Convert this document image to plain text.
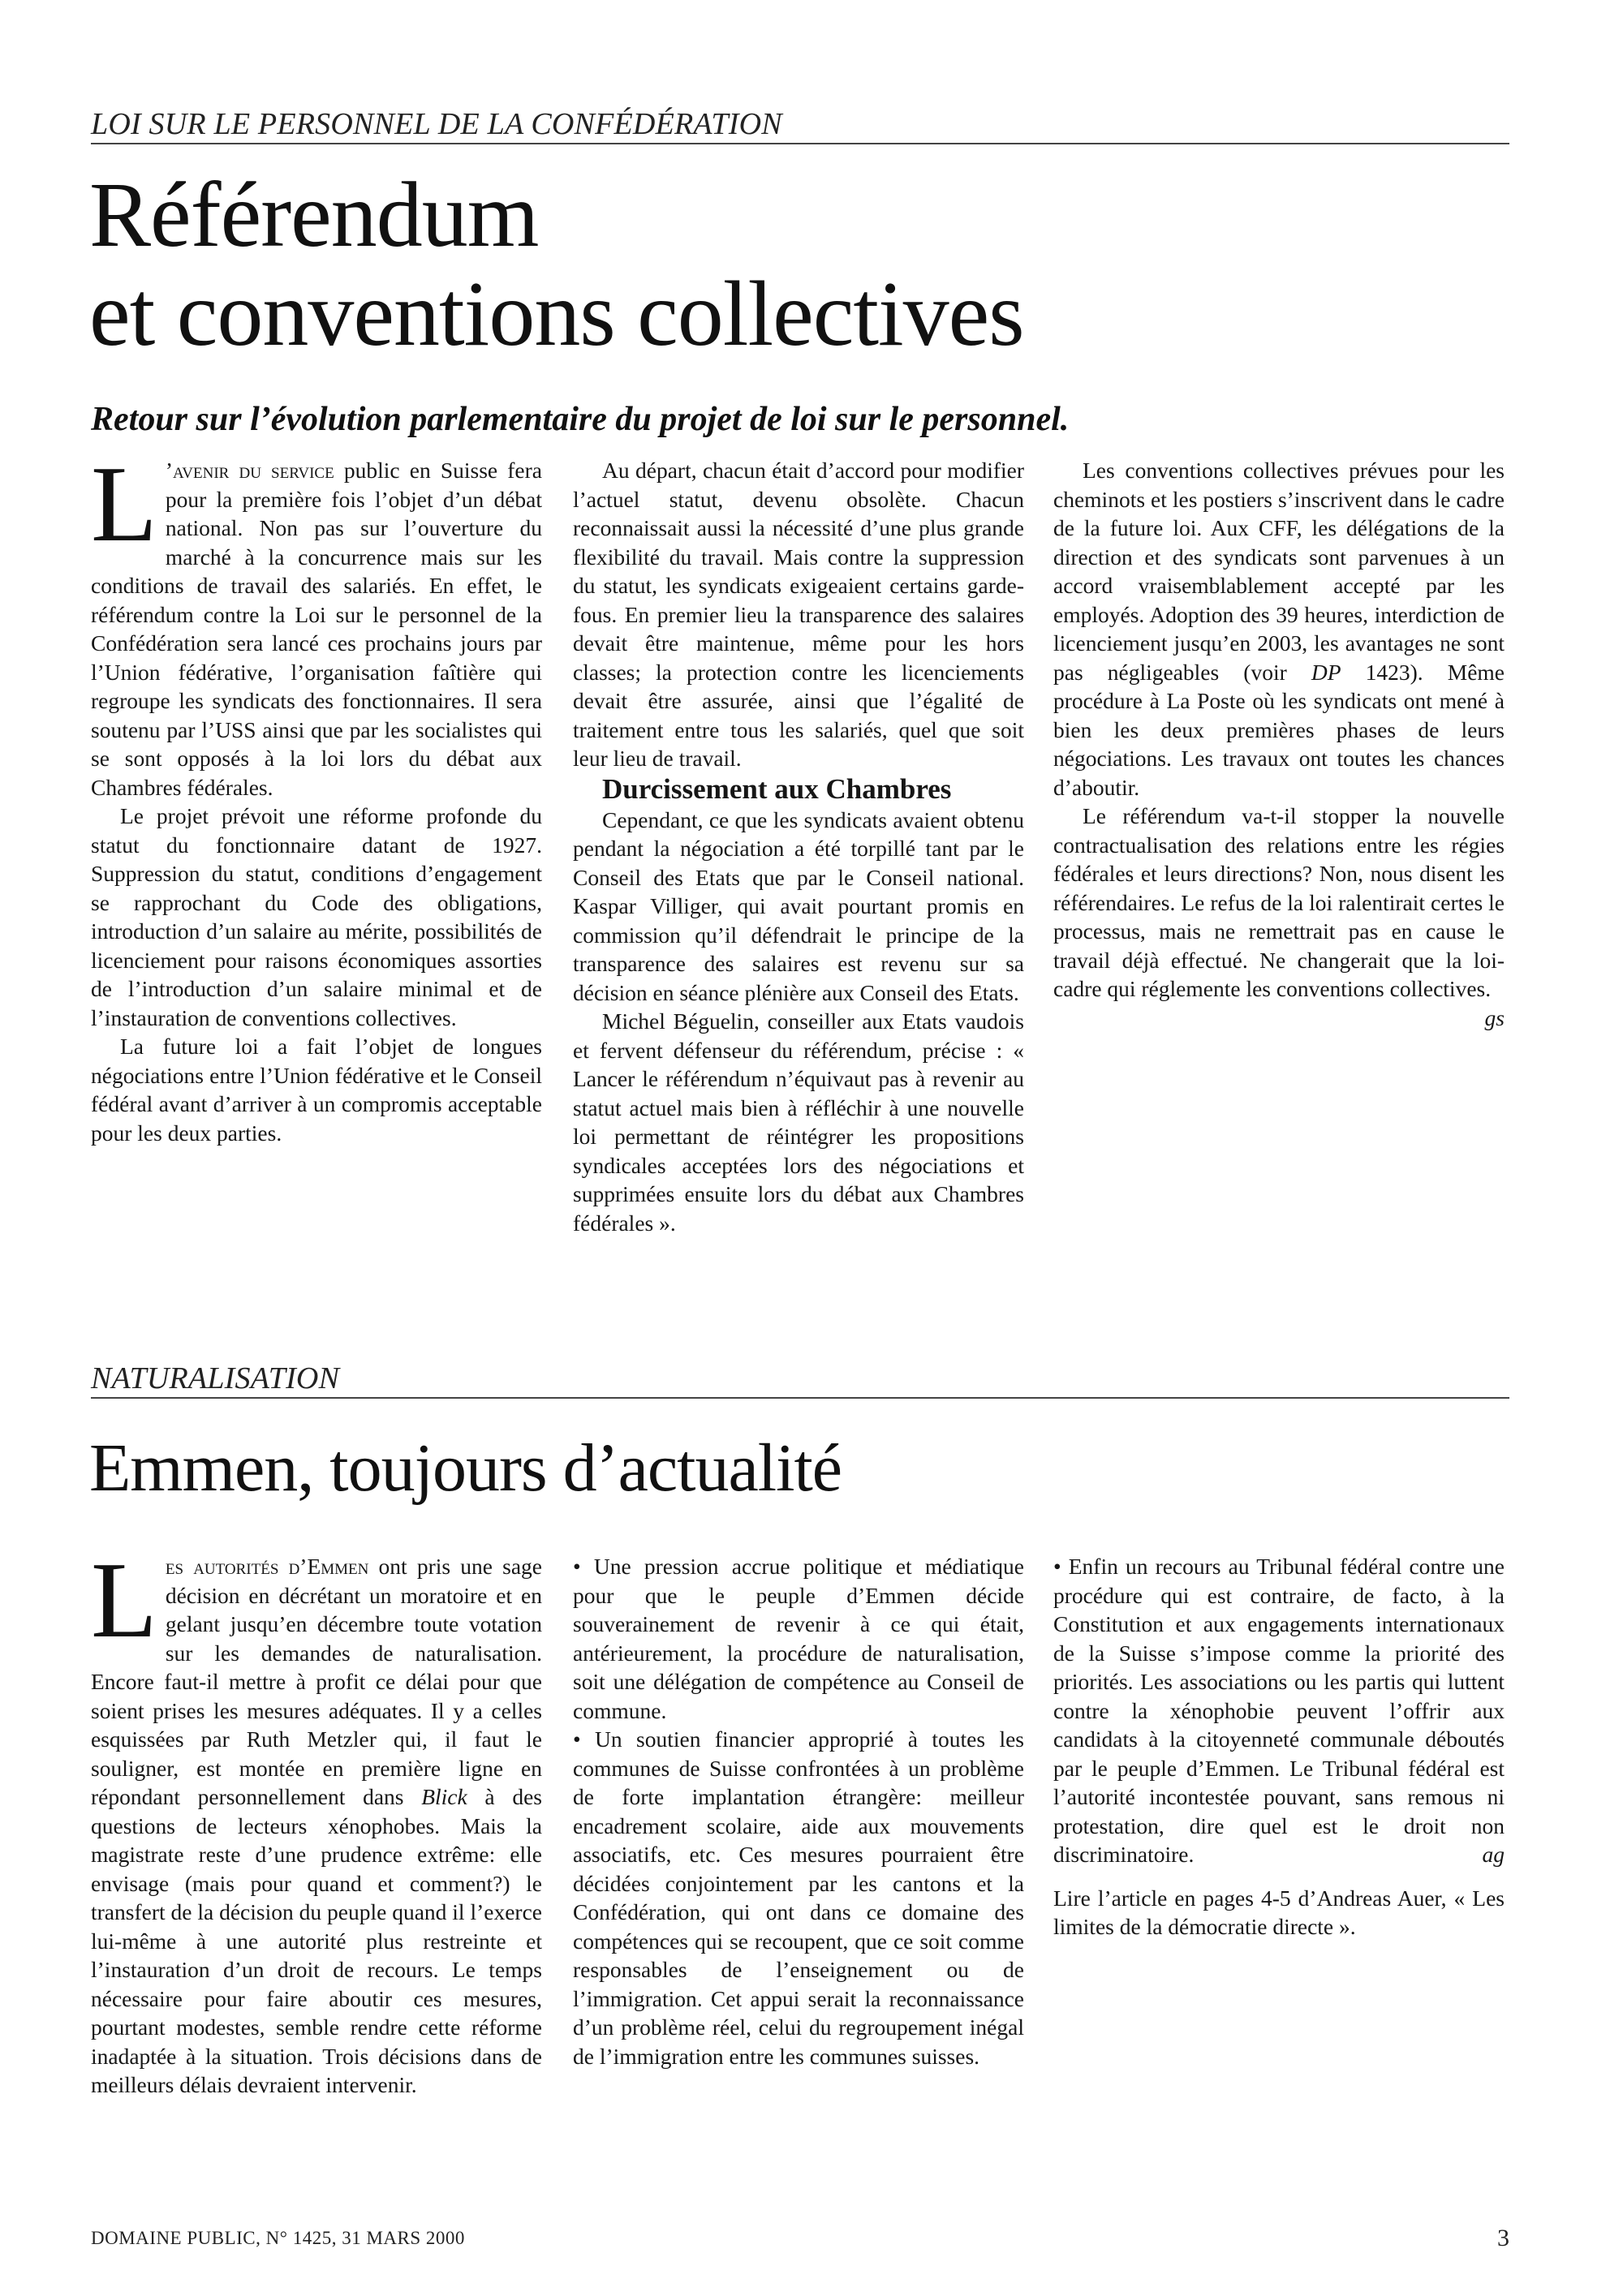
LOI SUR LE PERSONNEL DE LA CONFÉDÉRATION
Référendum
et conventions collectives
Retour sur l’évolution parlementaire du projet de loi sur le personnel.

L ’avenir du service public en Suisse fera pour la première fois l’objet d’un débat national. Non pas sur l’ouverture du marché à la concurrence mais sur les conditions de travail des salariés. En effet, le référendum contre la Loi sur le personnel de la Confédération sera lancé ces prochains jours par l’Union fédérative, l’organisation faîtière qui regroupe les syndicats des fonctionnaires. Il sera soutenu par l’USS ainsi que par les socialistes qui se sont opposés à la loi lors du débat aux Chambres fédérales.

Le projet prévoit une réforme profonde du statut du fonctionnaire datant de 1927. Suppression du statut, conditions d’engagement se rapprochant du Code des obligations, introduction d’un salaire au mérite, possibilités de licenciement pour raisons économiques assorties de l’introduction d’un salaire minimal et de l’instauration de conventions collectives.

La future loi a fait l’objet de longues négociations entre l’Union fédérative et le Conseil fédéral avant d’arriver à un compromis acceptable pour les deux parties.

Au départ, chacun était d’accord pour modifier l’actuel statut, devenu obsolète. Chacun reconnaissait aussi la nécessité d’une plus grande flexibilité du travail. Mais contre la suppression du statut, les syndicats exigeaient certains garde-fous. En premier lieu la transparence des salaires devait être maintenue, même pour les hors classes; la protection contre les licenciements devait être assurée, ainsi que l’égalité de traitement entre tous les salariés, quel que soit leur lieu de travail.

Durcissement aux Chambres

Cependant, ce que les syndicats avaient obtenu pendant la négociation a été torpillé tant par le Conseil des Etats que par le Conseil national. Kaspar Villiger, qui avait pourtant promis en commission qu’il défendrait le principe de la transparence des salaires est revenu sur sa décision en séance plénière aux Conseil des Etats.

Michel Béguelin, conseiller aux Etats vaudois et fervent défenseur du référendum, précise : « Lancer le référendum n’équivaut pas à revenir au statut actuel mais bien à réfléchir à une nouvelle loi permettant de réintégrer les propositions syndicales acceptées lors des négociations et supprimées ensuite lors du débat aux Chambres fédérales ».

Les conventions collectives prévues pour les cheminots et les postiers s’inscrivent dans le cadre de la future loi. Aux CFF, les délégations de la direction et des syndicats sont parvenues à un accord vraisemblablement accepté par les employés. Adoption des 39 heures, interdiction de licenciement jusqu’en 2003, les avantages ne sont pas négligeables (voir DP 1423). Même procédure à La Poste où les syndicats ont mené à bien les deux premières phases de leurs négociations. Les travaux ont toutes les chances d’aboutir.

Le référendum va-t-il stopper la nouvelle contractualisation des relations entre les régies fédérales et leurs directions? Non, nous disent les référendaires. Le refus de la loi ralentirait certes le processus, mais ne remettrait pas en cause le travail déjà effectué. Ne changerait que la loi-cadre qui réglemente les conventions collectives.
gs

NATURALISATION
Emmen, toujours d’actualité

Les autorités d’Emmen ont pris une sage décision en décrétant un moratoire et en gelant jusqu’en décembre toute votation sur les demandes de naturalisation. Encore faut-il mettre à profit ce délai pour que soient prises les mesures adéquates. Il y a celles esquissées par Ruth Metzler qui, il faut le souligner, est montée en première ligne en répondant personnellement dans Blick à des questions de lecteurs xénophobes. Mais la magistrate reste d’une prudence extrême: elle envisage (mais pour quand et comment?) le transfert de la décision du peuple quand il l’exerce lui-même à une autorité plus restreinte et l’instauration d’un droit de recours. Le temps nécessaire pour faire aboutir ces mesures, pourtant modestes, semble rendre cette réforme inadaptée à la situation. Trois décisions dans de meilleurs délais devraient intervenir.

• Une pression accrue politique et médiatique pour que le peuple d’Emmen décide souverainement de revenir à ce qui était, antérieurement, la procédure de naturalisation, soit une délégation de compétence au Conseil de commune.

• Un soutien financier approprié à toutes les communes de Suisse confrontées à un problème de forte implantation étrangère: meilleur encadrement scolaire, aide aux mouvements associatifs, etc. Ces mesures pourraient être décidées conjointement par les cantons et la Confédération, qui ont dans ce domaine des compétences qui se recoupent, que ce soit comme responsables de l’enseignement ou de l’immigration. Cet appui serait la reconnaissance d’un problème réel, celui du regroupement inégal de l’immigration entre les communes suisses.

• Enfin un recours au Tribunal fédéral contre une procédure qui est contraire, de facto, à la Constitution et aux engagements internationaux de la Suisse s’impose comme la priorité des priorités. Les associations ou les partis qui luttent contre la xénophobie peuvent l’offrir aux candidats à la citoyenneté communale déboutés par le peuple d’Emmen. Le Tribunal fédéral est l’autorité incontestée pouvant, sans remous ni protestation, dire quel est le droit non discriminatoire.	ag

Lire l’article en pages 4-5 d’Andreas Auer, « Les limites de la démocratie directe ».

DOMAINE PUBLIC, N° 1425, 31 MARS 2000	3
